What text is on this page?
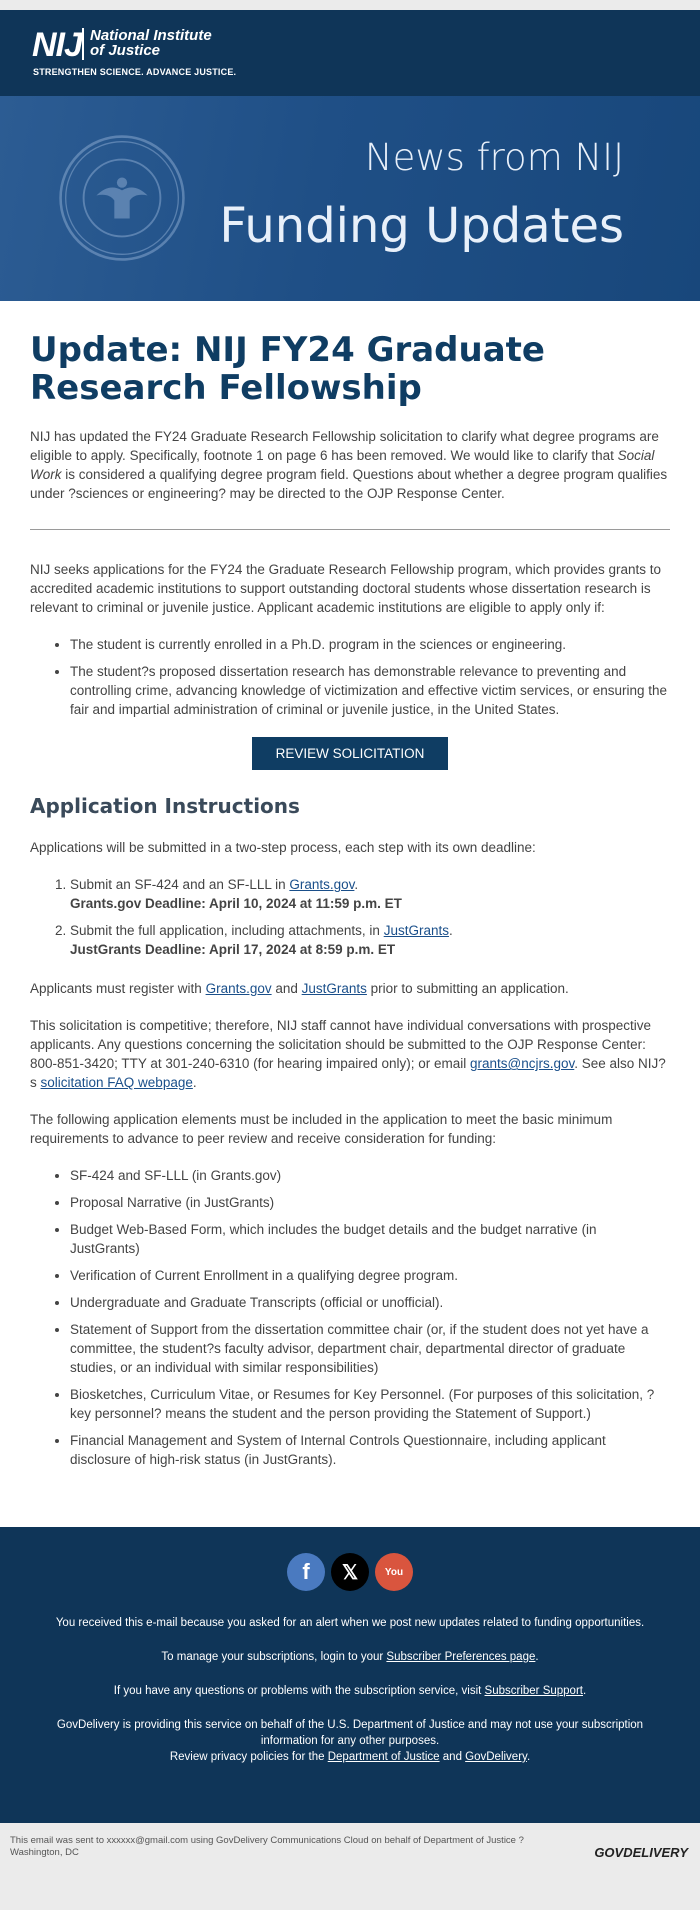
NIJ National Institute
of Justice
STRENGTHEN SCIENCE. ADVANCE JUSTICE.
News from NIJ
Funding Updates
Update: NIJ FY24 Graduate Research Fellowship

NIJ has updated the FY24 Graduate Research Fellowship solicitation to clarify what degree programs are eligible to apply. Specifically, footnote 1 on page 6 has been removed. We would like to clarify that Social Work is considered a qualifying degree program field. Questions about whether a degree program qualifies under ?sciences or engineering? may be directed to the OJP Response Center.

NIJ seeks applications for the FY24 the Graduate Research Fellowship program, which provides grants to accredited academic institutions to support outstanding doctoral students whose dissertation research is relevant to criminal or juvenile justice. Applicant academic institutions are eligible to apply only if:

• The student is currently enrolled in a Ph.D. program in the sciences or engineering.
• The student?s proposed dissertation research has demonstrable relevance to preventing and controlling crime, advancing knowledge of victimization and effective victim services, or ensuring the fair and impartial administration of criminal or juvenile justice, in the United States.
REVIEW SOLICITATION
Application Instructions

Applications will be submitted in a two-step process, each step with its own deadline:

1. Submit an SF-424 and an SF-LLL in Grants.gov.
Grants.gov Deadline: April 10, 2024 at 11:59 p.m. ET
2. Submit the full application, including attachments, in JustGrants.
JustGrants Deadline: April 17, 2024 at 8:59 p.m. ET

Applicants must register with Grants.gov and JustGrants prior to submitting an application.

This solicitation is competitive; therefore, NIJ staff cannot have individual conversations with prospective applicants. Any questions concerning the solicitation should be submitted to the OJP Response Center: 800-851-3420; TTY at 301-240-6310 (for hearing impaired only); or email grants@ncjrs.gov. See also NIJ?s solicitation FAQ webpage.

The following application elements must be included in the application to meet the basic minimum requirements to advance to peer review and receive consideration for funding:

• SF-424 and SF-LLL (in Grants.gov)
• Proposal Narrative (in JustGrants)
• Budget Web-Based Form, which includes the budget details and the budget narrative (in JustGrants)
• Verification of Current Enrollment in a qualifying degree program.
• Undergraduate and Graduate Transcripts (official or unofficial).
• Statement of Support from the dissertation committee chair (or, if the student does not yet have a committee, the student?s faculty advisor, department chair, departmental director of graduate studies, or an individual with similar responsibilities)
• Biosketches, Curriculum Vitae, or Resumes for Key Personnel. (For purposes of this solicitation, ?key personnel? means the student and the person providing the Statement of Support.)
• Financial Management and System of Internal Controls Questionnaire, including applicant disclosure of high-risk status (in JustGrants).
f	𝕏	You

You received this e-mail because you asked for an alert when we post new updates related to funding opportunities.

To manage your subscriptions, login to your Subscriber Preferences page.

If you have any questions or problems with the subscription service, visit Subscriber Support.

GovDelivery is providing this service on behalf of the U.S. Department of Justice and may not use your subscription information for any other purposes.
Review privacy policies for the Department of Justice and GovDelivery.

This email was sent to xxxxxx@gmail.com using GovDelivery Communications Cloud on behalf of Department of Justice ? Washington, DC	GOVDELIVERY
